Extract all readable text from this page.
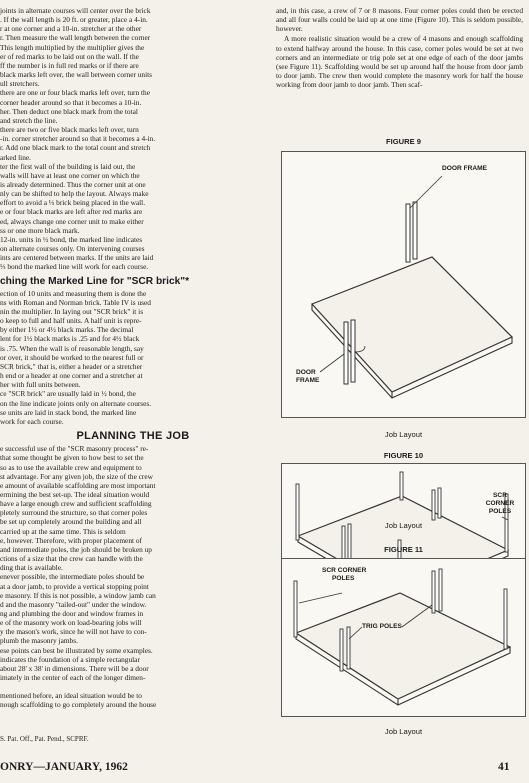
joints in alternate courses will center over the brick

. If the wall length is 20 ft. or greater, place a 4-in.

r at one corner and a 10-in. stretcher at the other

r. Then measure the wall length between the corner

This length multiplied by the multiplier gives the

er of red marks to be laid out on the wall. If the

ff the number is in full red marks or if there are

black marks left over, the wall between corner units

ull stretchers.

there are one or four black marks left over, turn the

corner header around so that it becomes a 10-in.

her. Then deduct one black mark from the total

and stretch the line.

there are two or five black marks left over, turn

-in. corner stretcher around so that it becomes a 4-in.

r. Add one black mark to the total count and stretch

arked line.

ter the first wall of the building is laid out, the

walls will have at least one corner on which the

is already determined. Thus the corner unit at one

nly can be shifted to help the layout. Always make

effort to avoid a ⅓ brick being placed in the wall.

e or four black marks are left after red marks are

ed, always change one corner unit to make either

ss or one more black mark.

12-in. units in ½ bond, the marked line indicates

on alternate courses only. On intervening courses

ints are centered between marks. If the units are laid

⅓ bond the marked line will work for each course.

ching the Marked Line for "SCR brick"*

ection of 10 units and measuring them is done the

ns with Roman and Norman brick. Table IV is used

nin the multiplier. In laying out "SCR brick" it is

o keep to full and half units. A half unit is repre-

by either 1½ or 4½ black marks. The decimal

lent for 1½ black marks is .25 and for 4½ black

is .75. When the wall is of reasonable length, say

or over, it should be worked to the nearest full or

SCR brick," that is, either a header or a stretcher

h end or a header at one corner and a stretcher at

her with full units between.

ce "SCR brick" are usually laid in ½ bond, the

on the line indicate joints only on alternate courses.

se units are laid in stack bond, the marked line

work for each course.

PLANNING THE JOB

e successful use of the "SCR masonry process" re-

that some thought be given to how best to set the

so as to use the available crew and equipment to

st advantage. For any given job, the size of the crew

e amount of available scaffolding are most important

ermining the best set-up. The ideal situation would

have a large enough crew and sufficient scaffolding

pletely surround the structure, so that corner poles

be set up completely around the building and all

carried up at the same time. This is seldom

e, however. Therefore, with proper placement of

and intermediate poles, the job should be broken up

ctions of a size that the crew can handle with the

ding that is available.

enever possible, the intermediate poles should be

at a door jamb, to provide a vertical stopping point

e masonry. If this is not possible, a window jamb can

d and the masonry "tailed-out" under the window.

ng and plumbing the door and window frames in

e of the masonry work on load-bearing jobs will

y the mason's work, since he will not have to con-

plumb the masonry jambs.

ese points can best be illustrated by some examples.

indicates the foundation of a simple rectangular

about 28' x 38' in dimensions. There will be a door

imately in the center of each of the longer dimen-

mentioned before, an ideal situation would be to

nough scaffolding to go completely around the house

S. Pat. Off., Pat. Pend., SCPRF.

and, in this case, a crew of 7 or 8 masons. Four corner poles could then be erected and all four walls could be laid up at one time (Figure 10). This is seldom possible, however.

A more realistic situation would be a crew of 4 masons and enough scaffolding to extend halfway around the house. In this case, corner poles would be set at two corners and an intermediate or trig pole set at one edge of each of the door jambs (see Figure 11). Scaffolding would be set up around half the house from door jamb to door jamb. The crew then would complete the masonry work for half the house working from door jamb to door jamb. Then scaf-

FIGURE 9
DOOR FRAME
DOOR FRAME
Job Layout
FIGURE 10
SCR
CORNER
POLES
Job Layout
FIGURE 11
SCR CORNER
POLES
TRIG POLES
Job Layout
ONRY—JANUARY, 1962	41
